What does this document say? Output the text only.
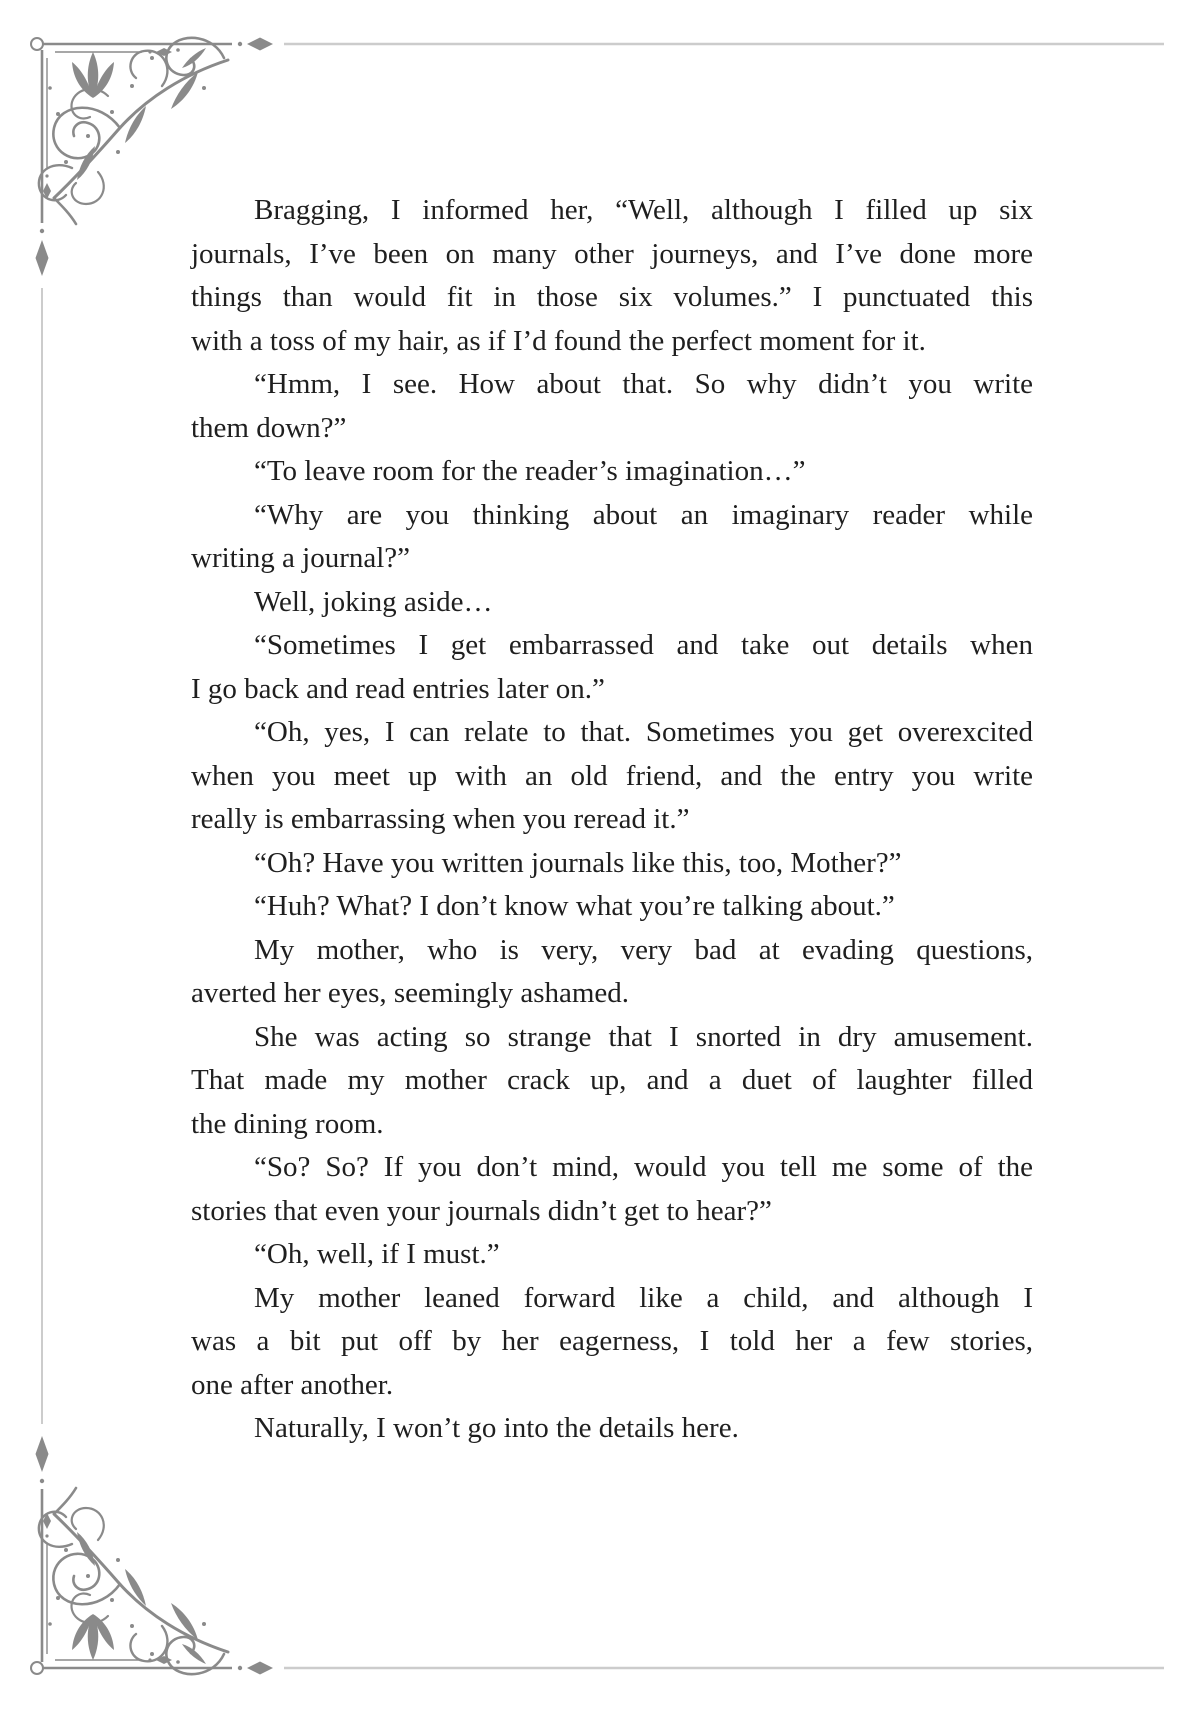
Bragging, I informed her, “Well, although I filled up six
journals, I’ve been on many other journeys, and I’ve done more
things than would fit in those six volumes.” I punctuated this
with a toss of my hair, as if I’d found the perfect moment for it.
“Hmm, I see. How about that. So why didn’t you write
them down?”
“To leave room for the reader’s imagination…”
“Why are you thinking about an imaginary reader while
writing a journal?”
Well, joking aside…
“Sometimes I get embarrassed and take out details when
I go back and read entries later on.”
“Oh, yes, I can relate to that. Sometimes you get overexcited
when you meet up with an old friend, and the entry you write
really is embarrassing when you reread it.”
“Oh? Have you written journals like this, too, Mother?”
“Huh? What? I don’t know what you’re talking about.”
My mother, who is very, very bad at evading questions,
averted her eyes, seemingly ashamed.
She was acting so strange that I snorted in dry amusement.
That made my mother crack up, and a duet of laughter filled
the dining room.
“So? So? If you don’t mind, would you tell me some of the
stories that even your journals didn’t get to hear?”
“Oh, well, if I must.”
My mother leaned forward like a child, and although I
was a bit put off by her eagerness, I told her a few stories,
one after another.
Naturally, I won’t go into the details here.
